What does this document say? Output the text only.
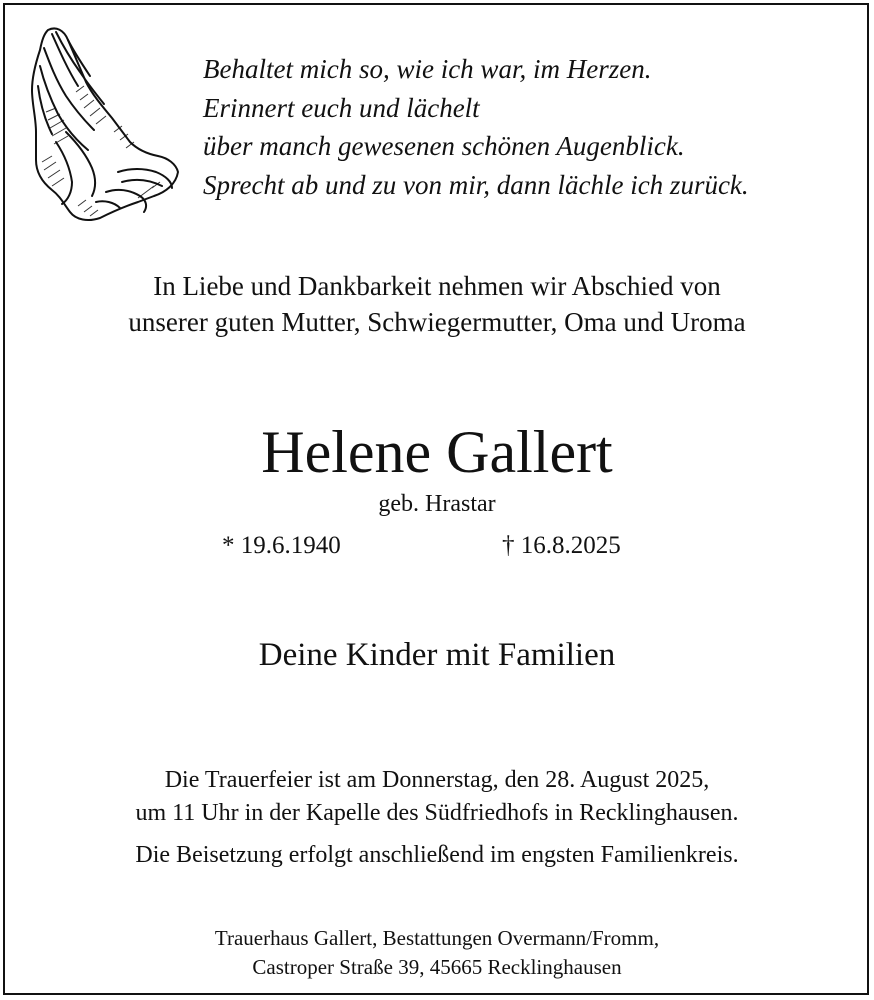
Behaltet mich so, wie ich war, im Herzen.
Erinnert euch und lächelt
über manch gewesenen schönen Augenblick.
Sprecht ab und zu von mir, dann lächle ich zurück.
In Liebe und Dankbarkeit nehmen wir Abschied von
unserer guten Mutter, Schwiegermutter, Oma und Uroma
Helene Gallert
geb. Hrastar
* 19.6.1940	† 16.8.2025
Deine Kinder mit Familien
Die Trauerfeier ist am Donnerstag, den 28. August 2025,
um 11 Uhr in der Kapelle des Südfriedhofs in Recklinghausen.
Die Beisetzung erfolgt anschließend im engsten Familienkreis.
Trauerhaus Gallert, Bestattungen Overmann/Fromm,
Castroper Straße 39, 45665 Recklinghausen
